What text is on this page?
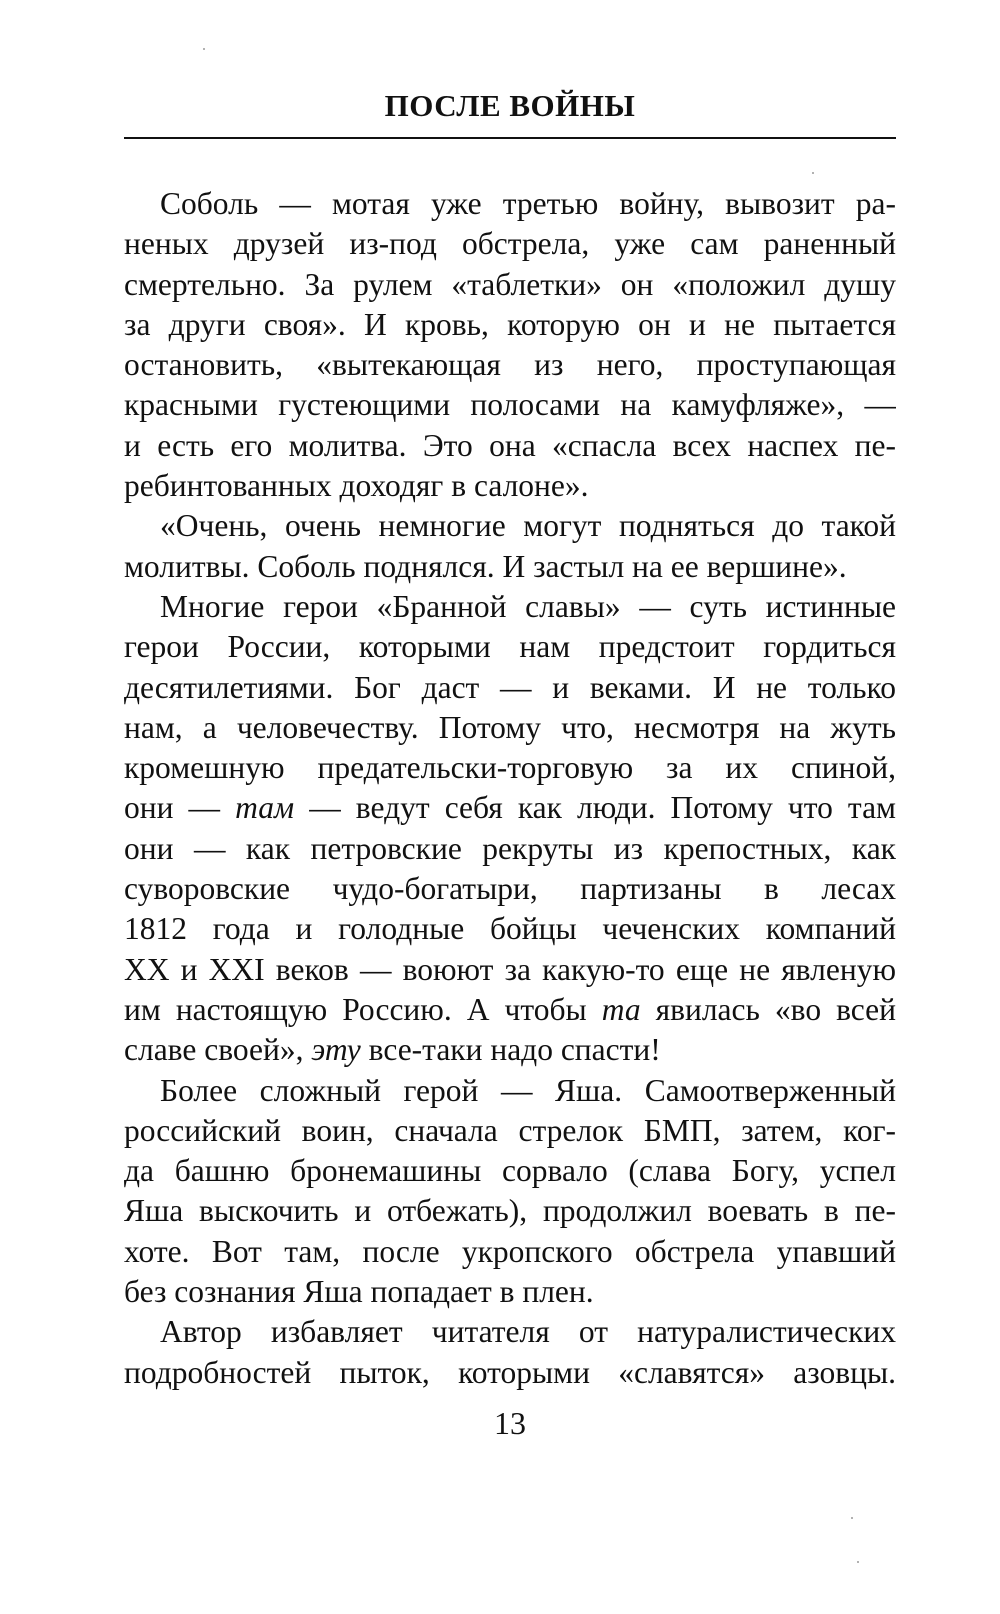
ПОСЛЕ ВОЙНЫ
Соболь — мотая уже третью войну, вывозит ра-
неных друзей из-под обстрела, уже сам раненный
смертельно. За рулем «таблетки» он «положил душу
за други своя». И кровь, которую он и не пытается
остановить, «вытекающая из него, проступающая
красными густеющими полосами на камуфляже», —
и есть его молитва. Это она «спасла всех наспех пе-
ребинтованных доходяг в салоне».
«Очень, очень немногие могут подняться до такой
молитвы. Соболь поднялся. И застыл на ее вершине».
Многие герои «Бранной славы» — суть истинные
герои России, которыми нам предстоит гордиться
десятилетиями. Бог даст — и веками. И не только
нам, а человечеству. Потому что, несмотря на жуть
кромешную предательски-торговую за их спиной,
они — там — ведут себя как люди. Потому что там
они — как петровские рекруты из крепостных, как
суворовские чудо-богатыри, партизаны в лесах
1812 года и голодные бойцы чеченских компаний
XX и XXI веков — воюют за какую-то еще не явленую
им настоящую Россию. А чтобы та явилась «во всей
славе своей», эту все-таки надо спасти!
Более сложный герой — Яша. Самоотверженный
российский воин, сначала стрелок БМП, затем, ког-
да башню бронемашины сорвало (слава Богу, успел
Яша выскочить и отбежать), продолжил воевать в пе-
хоте. Вот там, после укропского обстрела упавший
без сознания Яша попадает в плен.
Автор избавляет читателя от натуралистических
подробностей пыток, которыми «славятся» азовцы.
13
